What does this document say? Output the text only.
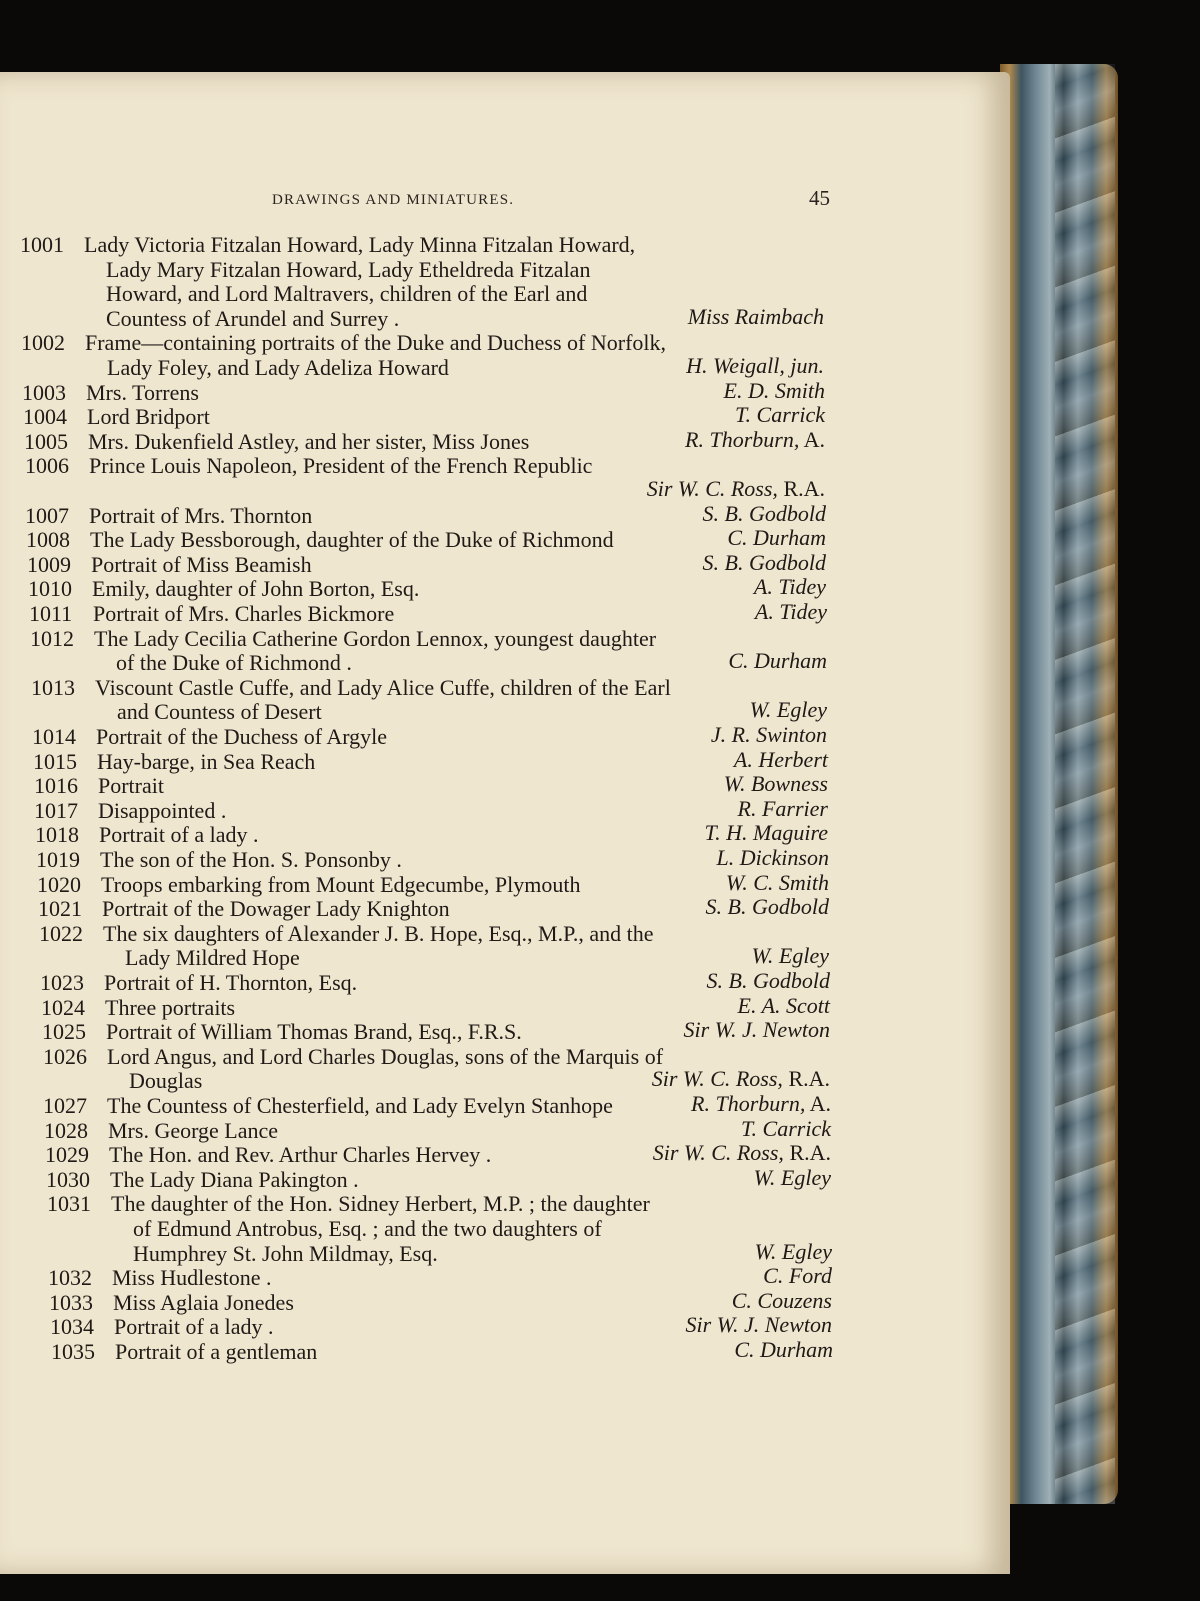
DRAWINGS AND MINIATURES.	45
1001 Lady Victoria Fitzalan Howard, Lady Minna Fitzalan Howard,
Lady Mary Fitzalan Howard, Lady Etheldreda Fitzalan
Howard, and Lord Maltravers, children of the Earl and
Countess of Arundel and Surrey .	Miss Raimbach
1002 Frame—containing portraits of the Duke and Duchess of Norfolk,
Lady Foley, and Lady Adeliza Howard	H. Weigall, jun.
1003 Mrs. Torrens	E. D. Smith
1004 Lord Bridport	T. Carrick
1005 Mrs. Dukenfield Astley, and her sister, Miss Jones	R. Thorburn, A.
1006 Prince Louis Napoleon, President of the French Republic
Sir W. C. Ross, R.A.
1007 Portrait of Mrs. Thornton	S. B. Godbold
1008 The Lady Bessborough, daughter of the Duke of Richmond	C. Durham
1009 Portrait of Miss Beamish	S. B. Godbold
1010 Emily, daughter of John Borton, Esq.	A. Tidey
1011 Portrait of Mrs. Charles Bickmore	A. Tidey
1012 The Lady Cecilia Catherine Gordon Lennox, youngest daughter
of the Duke of Richmond .	C. Durham
1013 Viscount Castle Cuffe, and Lady Alice Cuffe, children of the Earl
and Countess of Desert	W. Egley
1014 Portrait of the Duchess of Argyle	J. R. Swinton
1015 Hay-barge, in Sea Reach	A. Herbert
1016 Portrait	W. Bowness
1017 Disappointed .	R. Farrier
1018 Portrait of a lady .	T. H. Maguire
1019 The son of the Hon. S. Ponsonby .	L. Dickinson
1020 Troops embarking from Mount Edgecumbe, Plymouth	W. C. Smith
1021 Portrait of the Dowager Lady Knighton	S. B. Godbold
1022 The six daughters of Alexander J. B. Hope, Esq., M.P., and the
Lady Mildred Hope	W. Egley
1023 Portrait of H. Thornton, Esq.	S. B. Godbold
1024 Three portraits	E. A. Scott
1025 Portrait of William Thomas Brand, Esq., F.R.S.	Sir W. J. Newton
1026 Lord Angus, and Lord Charles Douglas, sons of the Marquis of
Douglas	Sir W. C. Ross, R.A.
1027 The Countess of Chesterfield, and Lady Evelyn Stanhope	R. Thorburn, A.
1028 Mrs. George Lance	T. Carrick
1029 The Hon. and Rev. Arthur Charles Hervey .	Sir W. C. Ross, R.A.
1030 The Lady Diana Pakington .	W. Egley
1031 The daughter of the Hon. Sidney Herbert, M.P. ; the daughter
of Edmund Antrobus, Esq. ; and the two daughters of
Humphrey St. John Mildmay, Esq.	W. Egley
1032 Miss Hudlestone .	C. Ford
1033 Miss Aglaia Jonedes	C. Couzens
1034 Portrait of a lady .	Sir W. J. Newton
1035 Portrait of a gentleman	C. Durham
